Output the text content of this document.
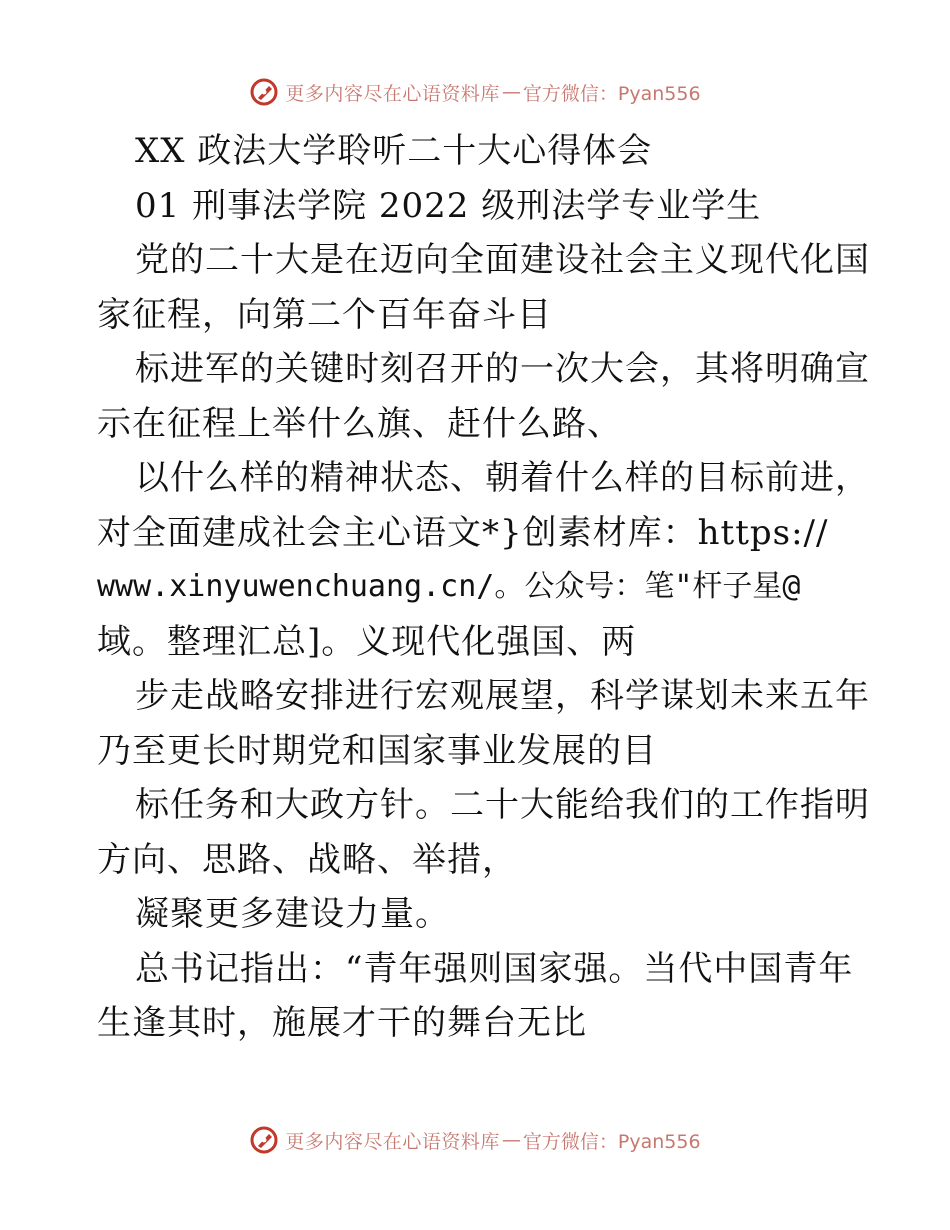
更多内容尽在心语资料库 — 官方微信：Pyan556
XX 政法大学聆听二十大心得体会
01 刑事法学院 2022 级刑法学专业学生
党的二十大是在迈向全面建设社会主义现代化国
家征程，向第二个百年奋斗目
标进军的关键时刻召开的一次大会，其将明确宣
示在征程上举什么旗、赶什么路、
以什么样的精神状态、朝着什么样的目标前进，
对全面建成社会主心语文*}创素材库：https://
www.xinyuwenchuang.cn/。公众号：笔"杆子星@
域。整理汇总]。义现代化强国、两
步走战略安排进行宏观展望，科学谋划未来五年
乃至更长时期党和国家事业发展的目
标任务和大政方针。二十大能给我们的工作指明
方向、思路、战略、举措，
凝聚更多建设力量。
总书记指出：“青年强则国家强。当代中国青年
生逢其时，施展才干的舞台无比
更多内容尽在心语资料库 — 官方微信：Pyan556
